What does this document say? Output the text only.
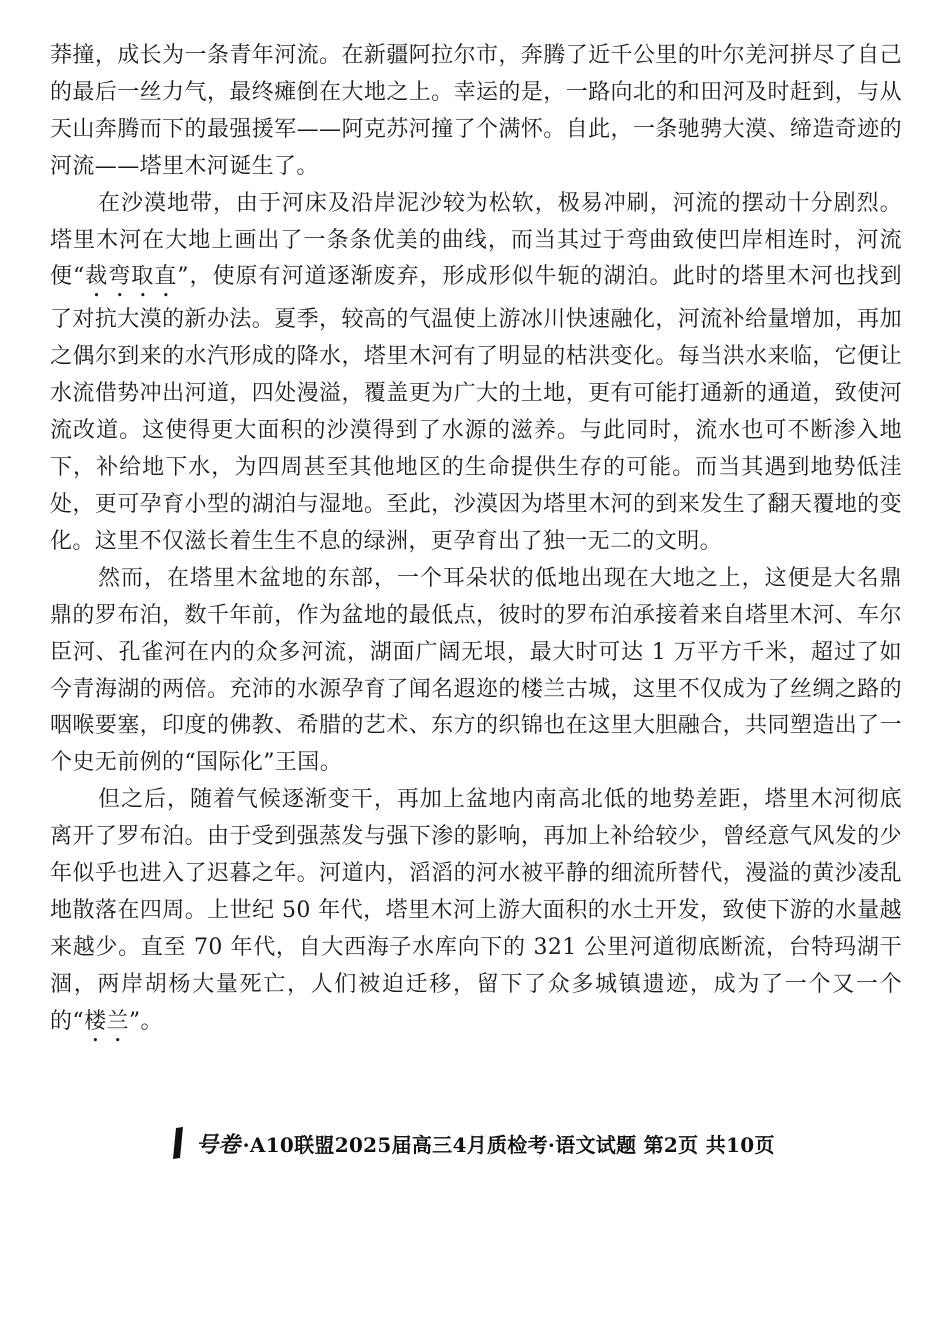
莽撞，成长为一条青年河流。在新疆阿拉尔市，奔腾了近千公里的叶尔羌河拼尽了自己的最后一丝力气，最终瘫倒在大地之上。幸运的是，一路向北的和田河及时赶到，与从天山奔腾而下的最强援军——阿克苏河撞了个满怀。自此，一条驰骋大漠、缔造奇迹的河流——塔里木河诞生了。

在沙漠地带，由于河床及沿岸泥沙较为松软，极易冲刷，河流的摆动十分剧烈。塔里木河在大地上画出了一条条优美的曲线，而当其过于弯曲致使凹岸相连时，河流便“裁弯取直”，使原有河道逐渐废弃，形成形似牛轭的湖泊。此时的塔里木河也找到了对抗大漠的新办法。夏季，较高的气温使上游冰川快速融化，河流补给量增加，再加之偶尔到来的水汽形成的降水，塔里木河有了明显的枯洪变化。每当洪水来临，它便让水流借势冲出河道，四处漫溢，覆盖更为广大的土地，更有可能打通新的通道，致使河流改道。这使得更大面积的沙漠得到了水源的滋养。与此同时，流水也可不断渗入地下，补给地下水，为四周甚至其他地区的生命提供生存的可能。而当其遇到地势低洼处，更可孕育小型的湖泊与湿地。至此，沙漠因为塔里木河的到来发生了翻天覆地的变化。这里不仅滋长着生生不息的绿洲，更孕育出了独一无二的文明。

然而，在塔里木盆地的东部，一个耳朵状的低地出现在大地之上，这便是大名鼎鼎的罗布泊，数千年前，作为盆地的最低点，彼时的罗布泊承接着来自塔里木河、车尔臣河、孔雀河在内的众多河流，湖面广阔无垠，最大时可达 1 万平方千米，超过了如今青海湖的两倍。充沛的水源孕育了闻名遐迩的楼兰古城，这里不仅成为了丝绸之路的咽喉要塞，印度的佛教、希腊的艺术、东方的织锦也在这里大胆融合，共同塑造出了一个史无前例的“国际化”王国。

但之后，随着气候逐渐变干，再加上盆地内南高北低的地势差距，塔里木河彻底离开了罗布泊。由于受到强蒸发与强下渗的影响，再加上补给较少，曾经意气风发的少年似乎也进入了迟暮之年。河道内，滔滔的河水被平静的细流所替代，漫溢的黄沙凌乱地散落在四周。上世纪 50 年代，塔里木河上游大面积的水土开发，致使下游的水量越来越少。直至 70 年代，自大西海子水库向下的 321 公里河道彻底断流，台特玛湖干涸，两岸胡杨大量死亡，人们被迫迁移，留下了众多城镇遗迹，成为了一个又一个的“楼兰”。

号卷 ·A10联盟2025届高三4月质检考·语文试题 第2页 共10页
